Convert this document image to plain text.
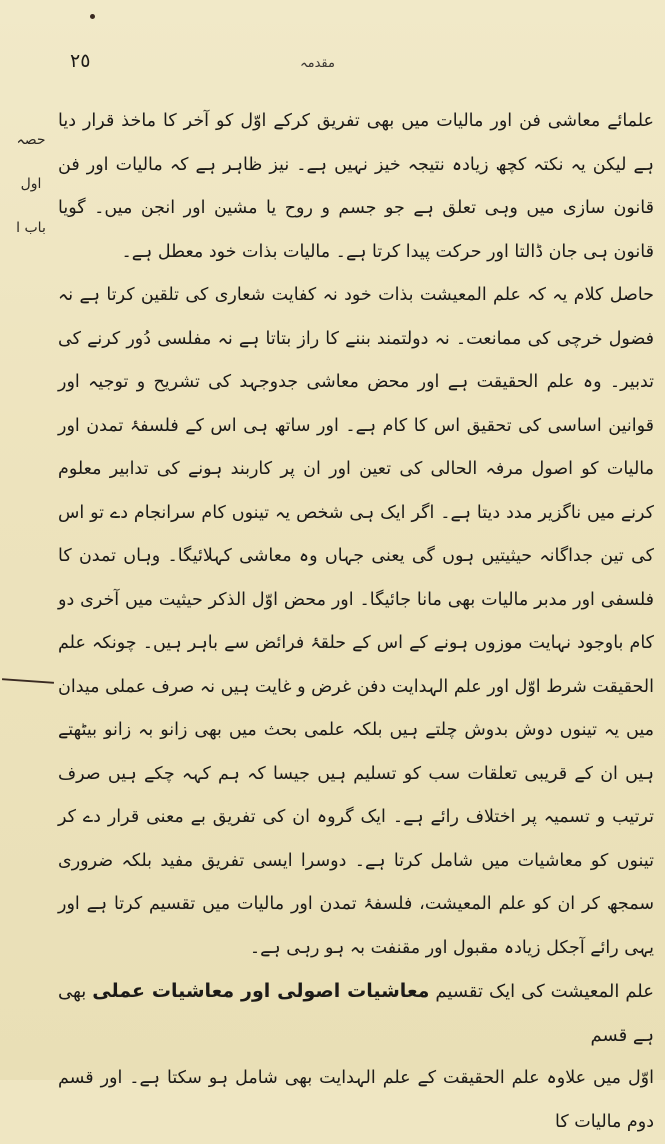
٢٥	مقدمہ
حصہ اول
باب ا

علمائے معاشی فن اور مالیات میں بھی تفریق کرکے اوّل کو آخر کا ماخذ قرار دیا ہے لیکن یہ نکتہ کچھ زیادہ نتیجہ خیز نہیں ہے۔ نیز ظاہر ہے کہ مالیات اور فن قانون سازی میں وہی تعلق ہے جو جسم و روح یا مشین اور انجن میں۔ گویا قانون ہی جان ڈالتا اور حرکت پیدا کرتا ہے۔ مالیات بذات خود معطل ہے۔

حاصل کلام یہ کہ علم المعیشت بذات خود نہ کفایت شعاری کی تلقین کرتا ہے نہ فضول خرچی کی ممانعت۔ نہ دولتمند بننے کا راز بتاتا ہے نہ مفلسی دُور کرنے کی تدبیر۔ وہ علم الحقیقت ہے اور محض معاشی جدوجہد کی تشریح و توجیہ اور قوانین اساسی کی تحقیق اس کا کام ہے۔ اور ساتھ ہی اس کے فلسفۂ تمدن اور مالیات کو اصول مرفہ الحالی کی تعین اور ان پر کاربند ہونے کی تدابیر معلوم کرنے میں ناگزیر مدد دیتا ہے۔ اگر ایک ہی شخص یہ تینوں کام سرانجام دے تو اس کی تین جداگانہ حیثیتیں ہوں گی یعنی جہاں وہ معاشی کہلائیگا۔ وہاں تمدن کا فلسفی اور مدبر مالیات بھی مانا جائیگا۔ اور محض اوّل الذکر حیثیت میں آخری دو کام باوجود نہایت موزوں ہونے کے اس کے حلقۂ فرائض سے باہر ہیں۔ چونکہ علم الحقیقت شرط اوّل اور علم الہدایت دفن غرض و غایت ہیں نہ صرف عملی میدان میں یہ تینوں دوش بدوش چلتے ہیں بلکہ علمی بحث میں بھی زانو بہ زانو بیٹھتے ہیں ان کے قریبی تعلقات سب کو تسلیم ہیں جیسا کہ ہم کہہ چکے ہیں صرف ترتیب و تسمیہ پر اختلاف رائے ہے۔ ایک گروہ ان کی تفریق بے معنی قرار دے کر تینوں کو معاشیات میں شامل کرتا ہے۔ دوسرا ایسی تفریق مفید بلکہ ضروری سمجھ کر ان کو علم المعیشت، فلسفۂ تمدن اور مالیات میں تقسیم کرتا ہے اور یہی رائے آجکل زیادہ مقبول اور مقنفت بہ ہو رہی ہے۔

علم المعیشت کی ایک تقسیم معاشیات اصولی اور معاشیات عملی بھی ہے قسم

اوّل میں علاوہ علم الحقیقت کے علم الہدایت بھی شامل ہو سکتا ہے۔ اور قسم دوم مالیات کا
